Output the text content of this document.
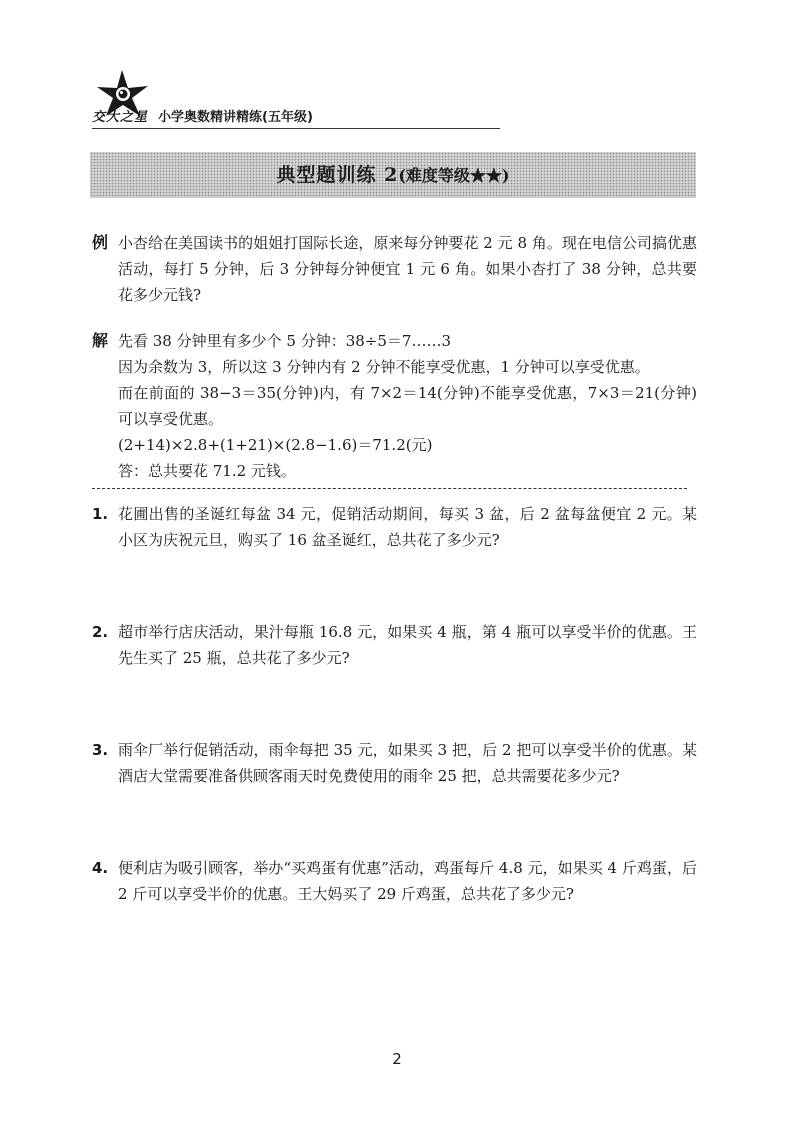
交大之星 小学奥数精讲精练(五年级)
典型题训练 2(难度等级★★)
例 小杏给在美国读书的姐姐打国际长途，原来每分钟要花 2 元 8 角。现在电信公司搞优惠活动，每打 5 分钟，后 3 分钟每分钟便宜 1 元 6 角。如果小杏打了 38 分钟，总共要花多少元钱?

解 先看 38 分钟里有多少个 5 分钟：38÷5＝7……3

因为余数为 3，所以这 3 分钟内有 2 分钟不能享受优惠，1 分钟可以享受优惠。

而在前面的 38−3＝35(分钟)内，有 7×2＝14(分钟)不能享受优惠，7×3＝21(分钟)可以享受优惠。

(2+14)×2.8+(1+21)×(2.8−1.6)＝71.2(元)

答：总共要花 71.2 元钱。

1. 花圃出售的圣诞红每盆 34 元，促销活动期间，每买 3 盆，后 2 盆每盆便宜 2 元。某小区为庆祝元旦，购买了 16 盆圣诞红，总共花了多少元?

2. 超市举行店庆活动，果汁每瓶 16.8 元，如果买 4 瓶，第 4 瓶可以享受半价的优惠。王先生买了 25 瓶，总共花了多少元?

3. 雨伞厂举行促销活动，雨伞每把 35 元，如果买 3 把，后 2 把可以享受半价的优惠。某酒店大堂需要准备供顾客雨天时免费使用的雨伞 25 把，总共需要花多少元?

4. 便利店为吸引顾客，举办“买鸡蛋有优惠”活动，鸡蛋每斤 4.8 元，如果买 4 斤鸡蛋，后 2 斤可以享受半价的优惠。王大妈买了 29 斤鸡蛋，总共花了多少元?

2
